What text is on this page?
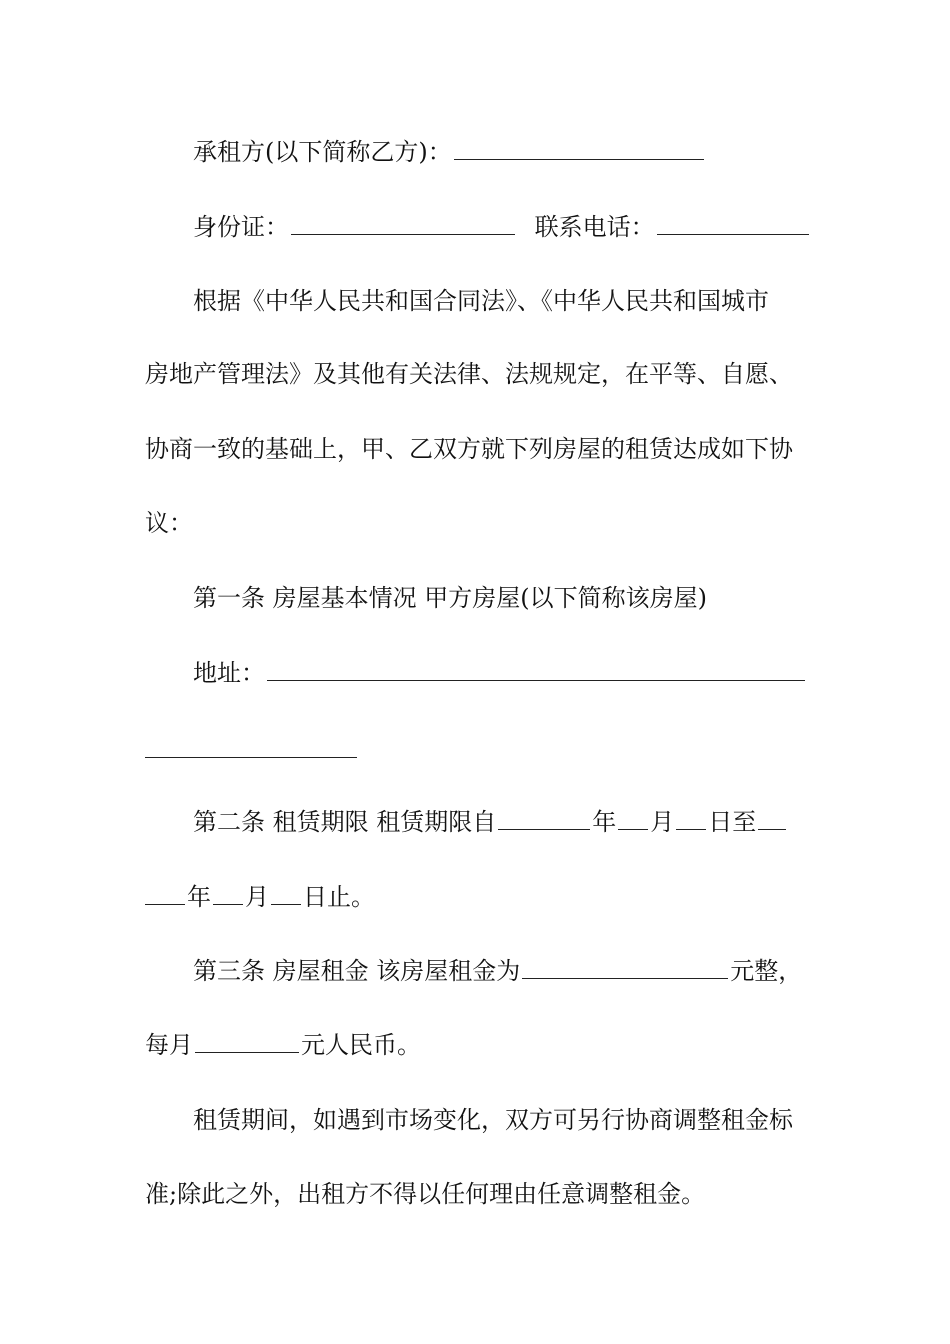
承租方(以下简称乙方)：
身份证：	联系电话：
根据《中华人民共和国合同法》、《中华人民共和国城市
房地产管理法》及其他有关法律、法规规定，在平等、自愿、
协商一致的基础上，甲、乙双方就下列房屋的租赁达成如下协
议：
第一条 房屋基本情况 甲方房屋(以下简称该房屋)
地址：
第二条 租赁期限 租赁期限自	年 月 日至
年 月 日止。
第三条 房屋租金 该房屋租金为	元整，
每月	元人民币。
租赁期间，如遇到市场变化，双方可另行协商调整租金标
准;除此之外，出租方不得以任何理由任意调整租金。
